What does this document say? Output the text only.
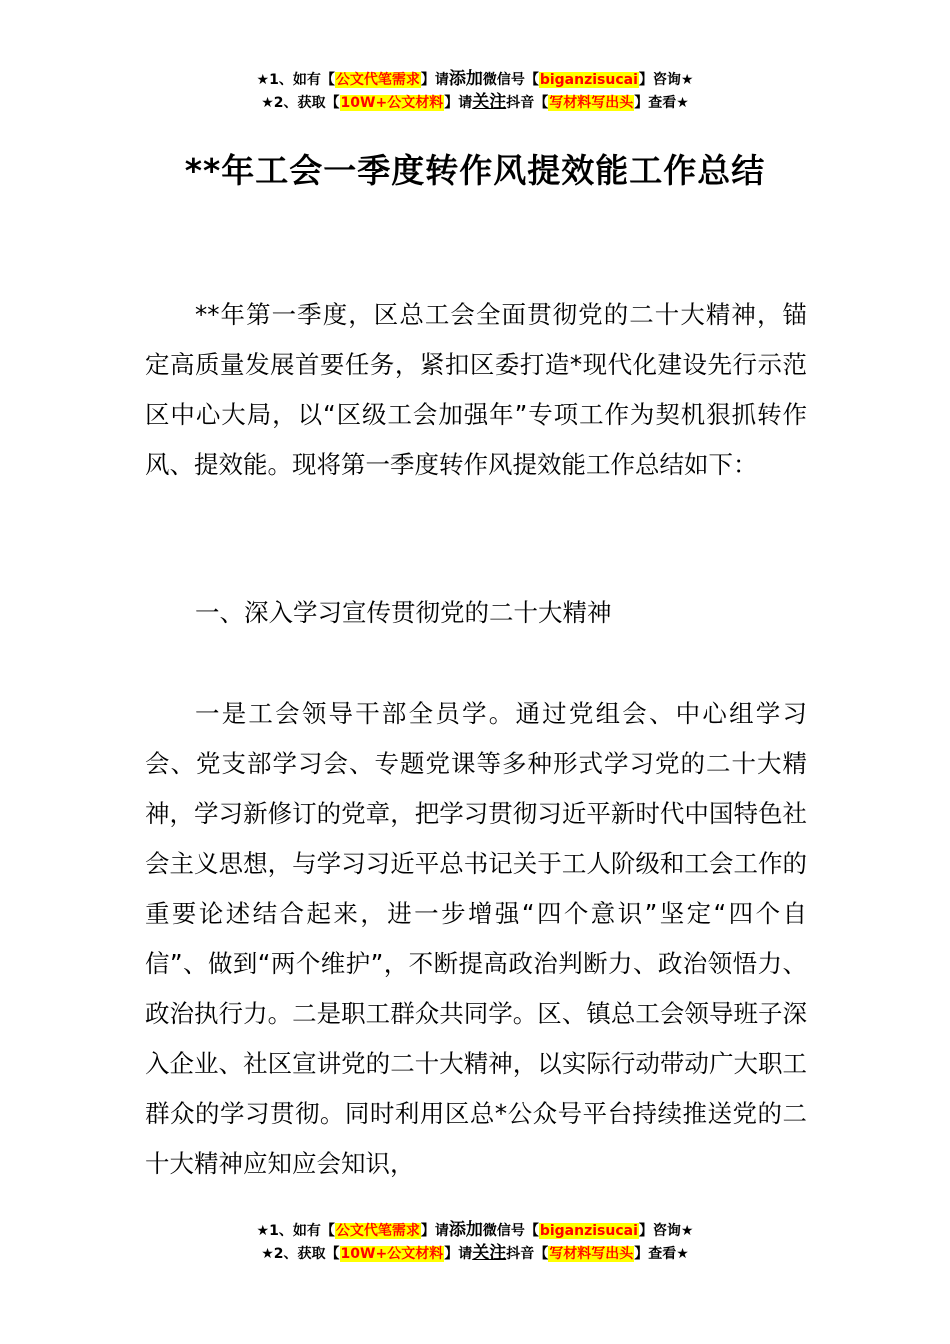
★1、如有【公文代笔需求】请添加微信号【biganzisucai】咨询★
★2、获取【10W+公文材料】请关注抖音【写材料写出头】查看★
**年工会一季度转作风提效能工作总结
**年第一季度，区总工会全面贯彻党的二十大精神，锚定高质量发展首要任务，紧扣区委打造*现代化建设先行示范区中心大局，以“区级工会加强年”专项工作为契机狠抓转作风、提效能。现将第一季度转作风提效能工作总结如下：
一、深入学习宣传贯彻党的二十大精神
一是工会领导干部全员学。通过党组会、中心组学习会、党支部学习会、专题党课等多种形式学习党的二十大精神，学习新修订的党章，把学习贯彻习近平新时代中国特色社会主义思想，与学习习近平总书记关于工人阶级和工会工作的重要论述结合起来，进一步增强“四个意识”坚定“四个自信”、做到“两个维护”，不断提高政治判断力、政治领悟力、政治执行力。二是职工群众共同学。区、镇总工会领导班子深入企业、社区宣讲党的二十大精神，以实际行动带动广大职工群众的学习贯彻。同时利用区总*公众号平台持续推送党的二十大精神应知应会知识，
★1、如有【公文代笔需求】请添加微信号【biganzisucai】咨询★
★2、获取【10W+公文材料】请关注抖音【写材料写出头】查看★
